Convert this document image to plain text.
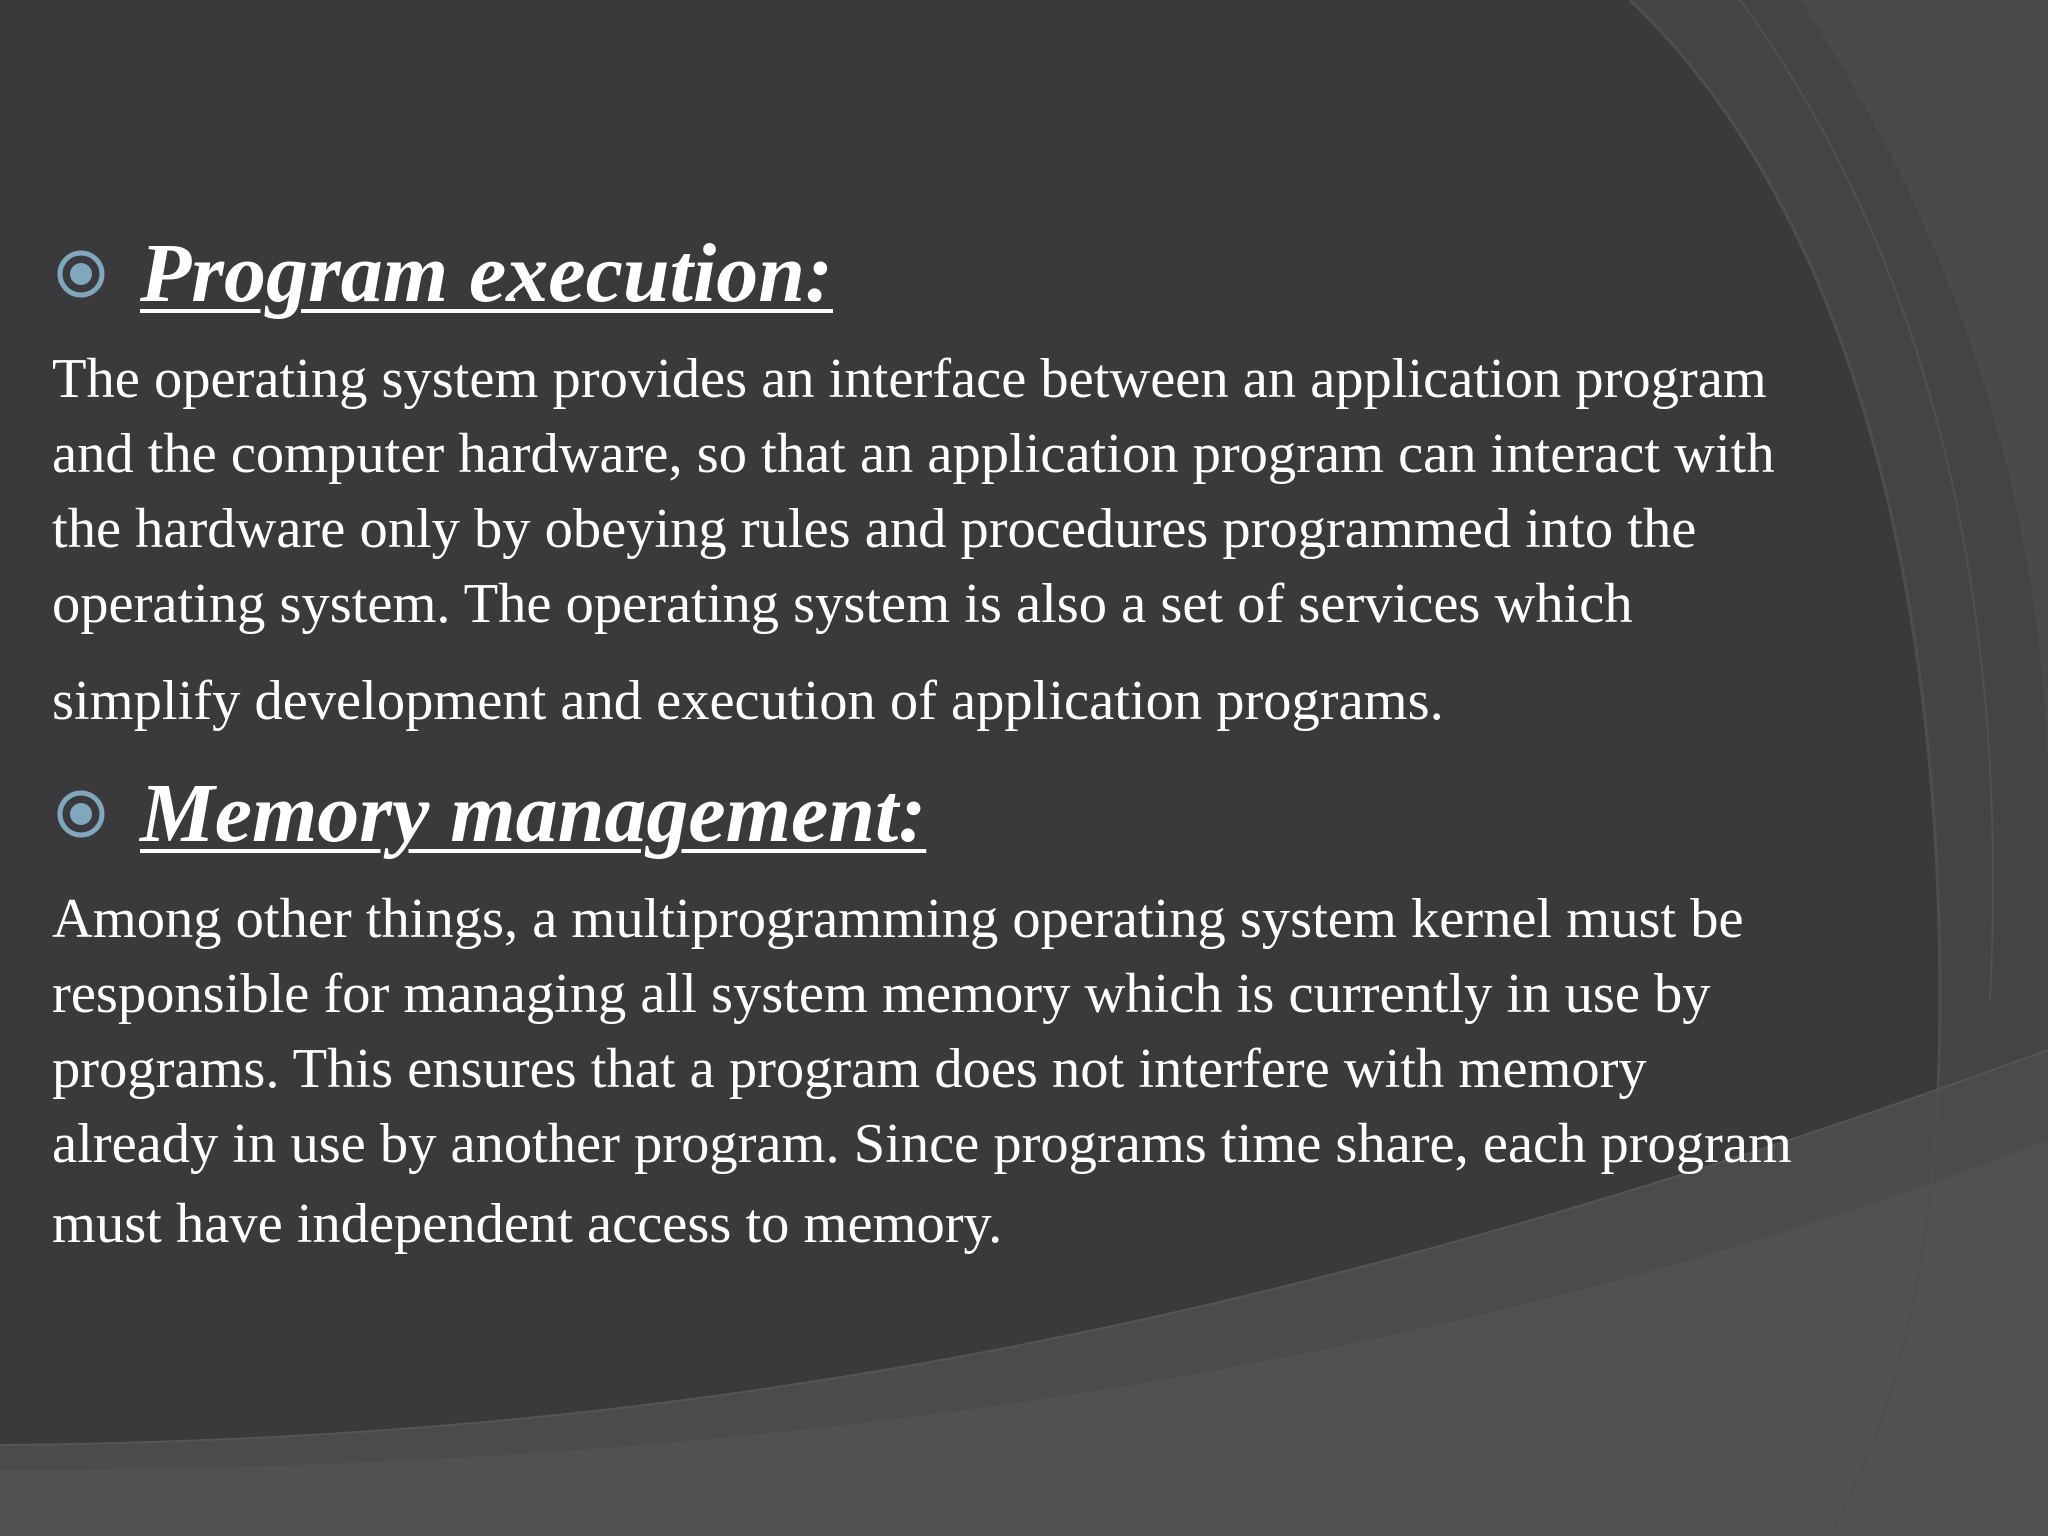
Program execution:

The operating system provides an interface between an application program
and the computer hardware, so that an application program can interact with
the hardware only by obeying rules and procedures programmed into the
operating system. The operating system is also a set of services which
simplify development and execution of application programs.

Memory management:

Among other things, a multiprogramming operating system kernel must be
responsible for managing all system memory which is currently in use by
programs. This ensures that a program does not interfere with memory
already in use by another program. Since programs time share, each program
must have independent access to memory.
